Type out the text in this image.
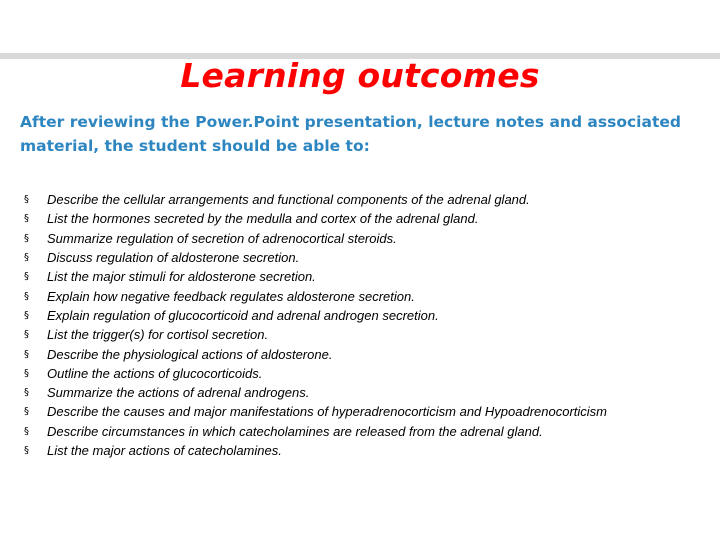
Learning outcomes
After reviewing the Power.Point presentation, lecture notes and associated material, the student should be able to:
§	Describe the cellular arrangements and functional components of the adrenal gland.
§	List the hormones secreted by the medulla and cortex of the adrenal gland.
§	Summarize regulation of secretion of adrenocortical steroids.
§	Discuss regulation of aldosterone secretion.
§	List the major stimuli for aldosterone secretion.
§	Explain how negative feedback regulates aldosterone secretion.
§	Explain regulation of glucocorticoid and adrenal androgen secretion.
§	List the trigger(s) for cortisol secretion.
§	Describe the physiological actions of aldosterone.
§	Outline the actions of glucocorticoids.
§	Summarize the actions of adrenal androgens.
§	Describe the causes and major manifestations of hyperadrenocorticism and Hypoadrenocorticism
§	Describe circumstances in which catecholamines are released from the adrenal gland.
§	List the major actions of catecholamines.
